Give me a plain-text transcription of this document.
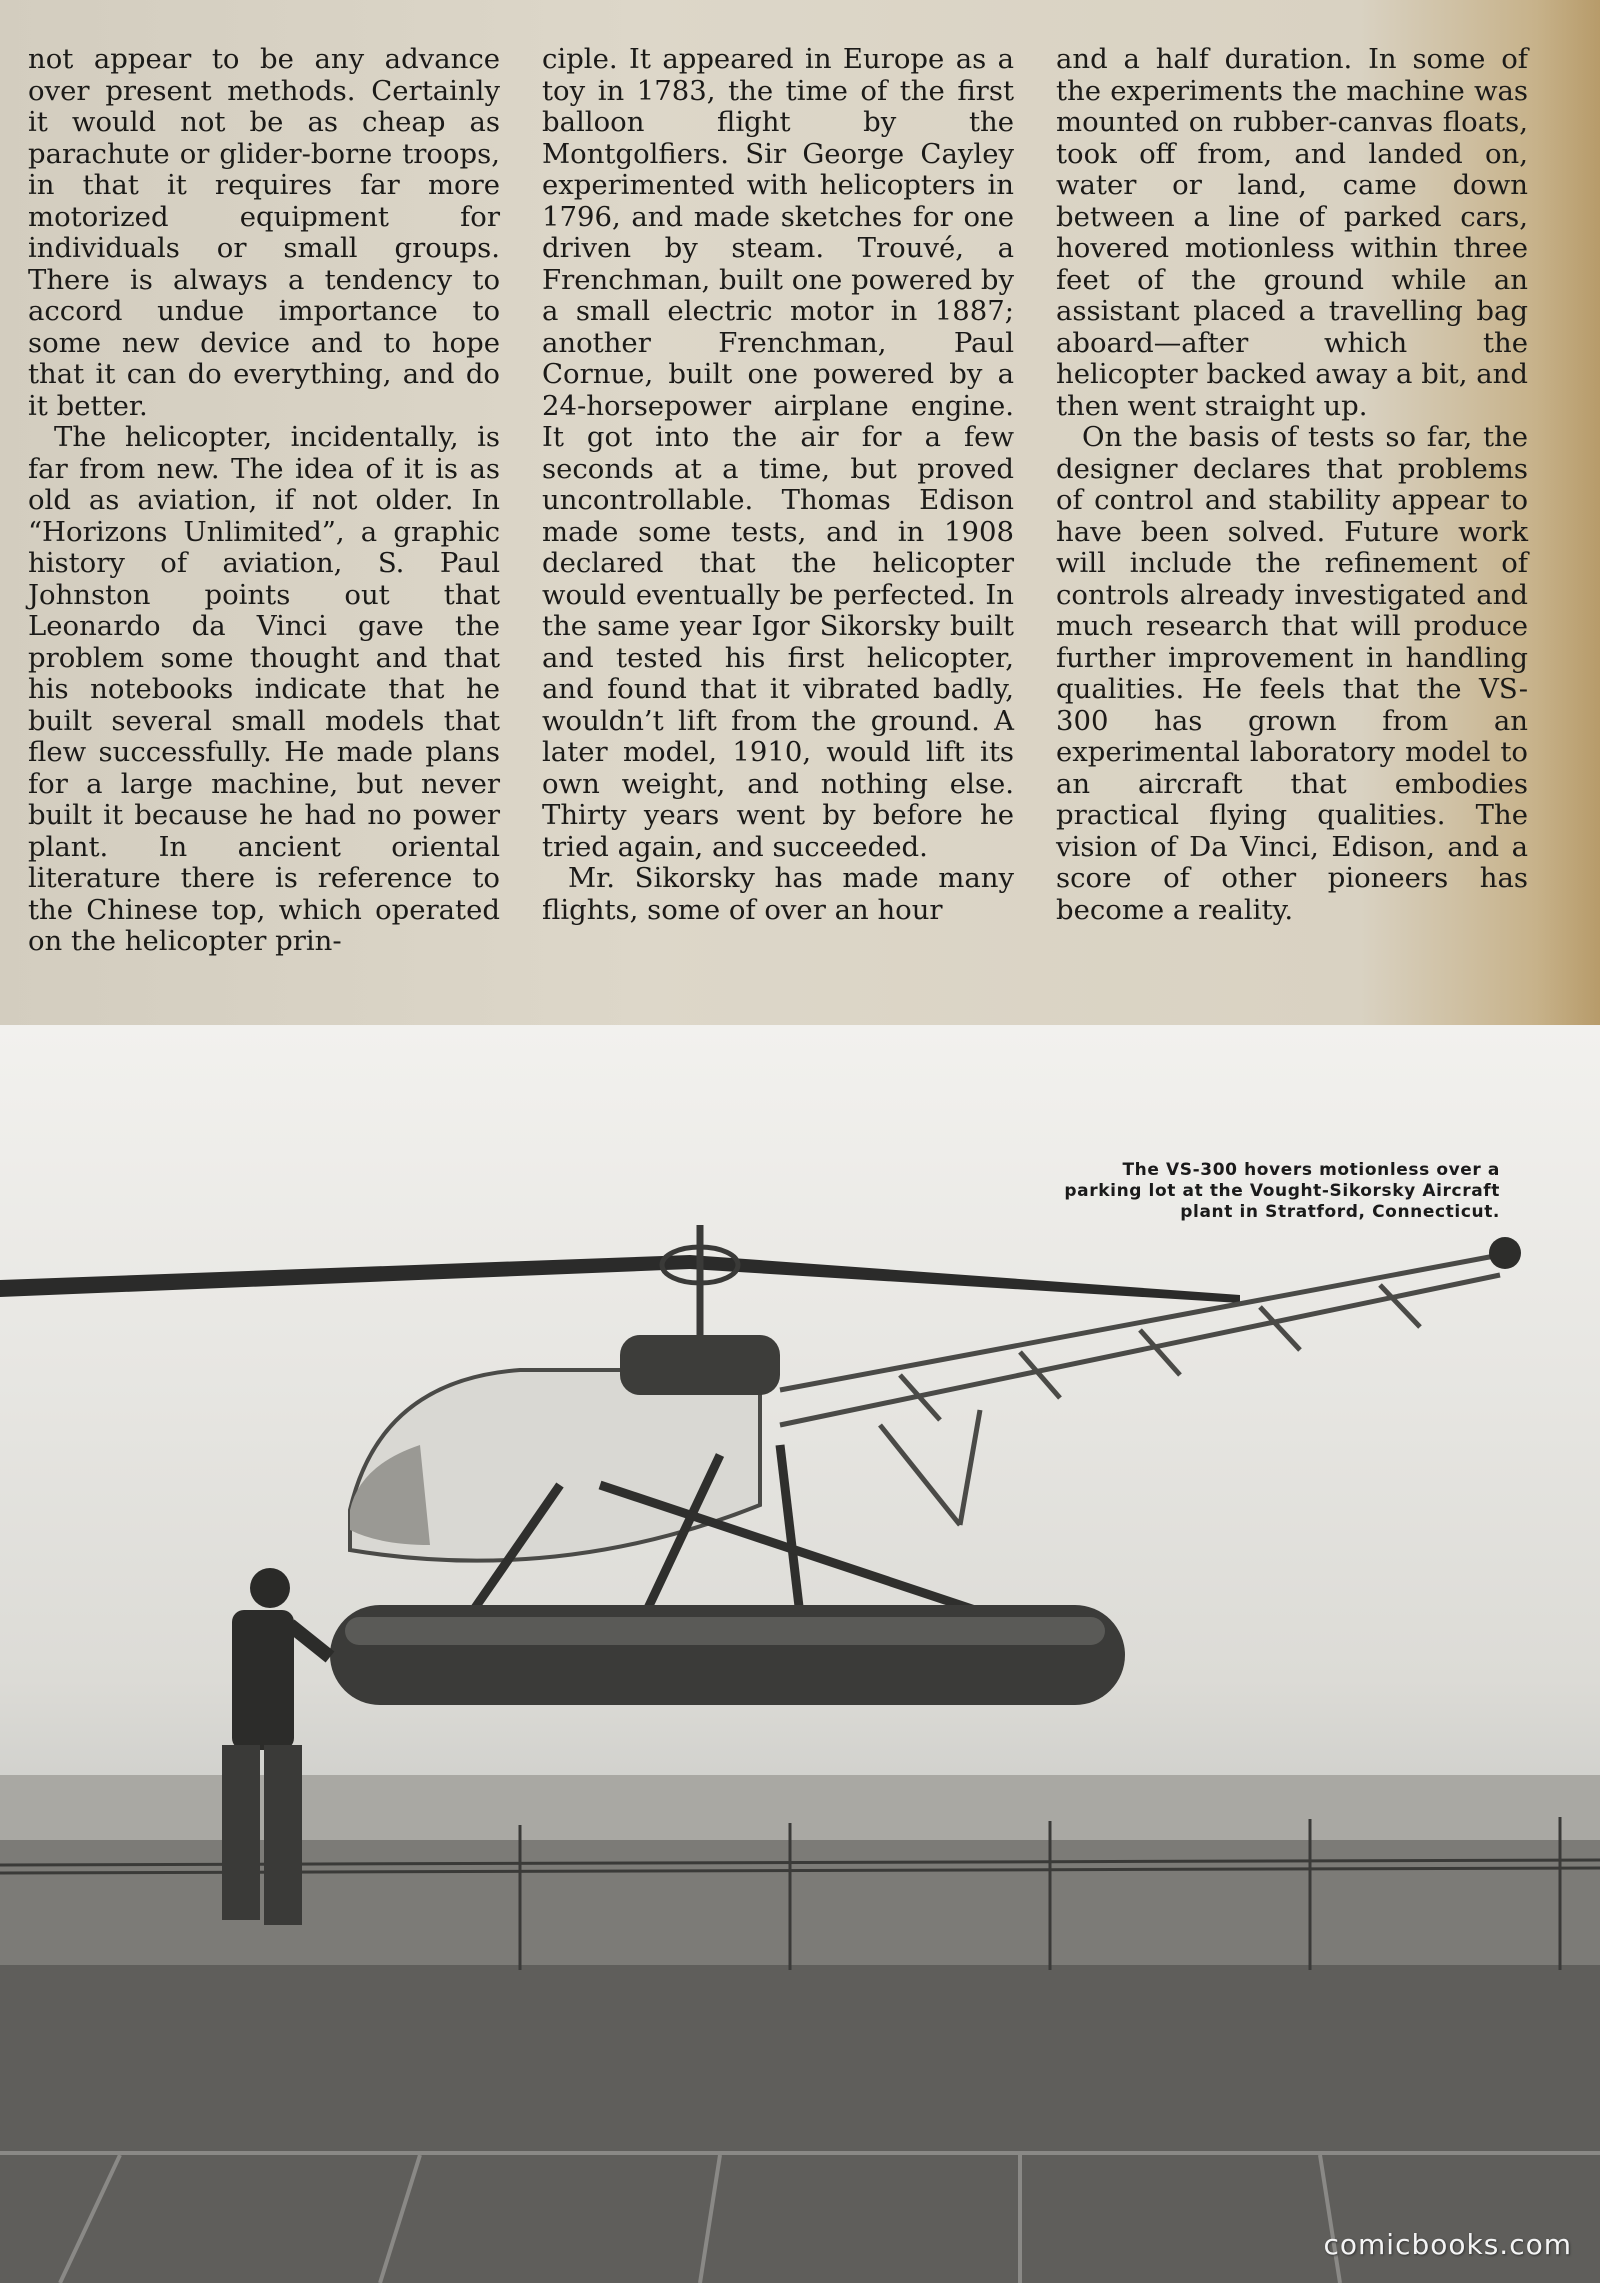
not appear to be any advance over present methods. Certainly it would not be as cheap as parachute or glider-borne troops, in that it requires far more motorized equipment for individuals or small groups. There is always a tendency to accord undue importance to some new device and to hope that it can do everything, and do it better.

The helicopter, incidentally, is far from new. The idea of it is as old as aviation, if not older. In “Horizons Unlimited”, a graphic history of aviation, S. Paul Johnston points out that Leonardo da Vinci gave the problem some thought and that his notebooks indicate that he built several small models that flew successfully. He made plans for a large machine, but never built it because he had no power plant. In ancient oriental literature there is reference to the Chinese top, which operated on the helicopter prin-

ciple. It appeared in Europe as a toy in 1783, the time of the first balloon flight by the Montgolfiers. Sir George Cayley experimented with helicopters in 1796, and made sketches for one driven by steam. Trouvé, a Frenchman, built one powered by a small electric motor in 1887; another Frenchman, Paul Cornue, built one powered by a 24-horsepower airplane engine. It got into the air for a few seconds at a time, but proved uncontrollable. Thomas Edison made some tests, and in 1908 declared that the helicopter would eventually be perfected. In the same year Igor Sikorsky built and tested his first helicopter, and found that it vibrated badly, wouldn’t lift from the ground. A later model, 1910, would lift its own weight, and nothing else. Thirty years went by before he tried again, and succeeded.

Mr. Sikorsky has made many flights, some of over an hour

and a half duration. In some of the experiments the machine was mounted on rubber-canvas floats, took off from, and landed on, water or land, came down between a line of parked cars, hovered motionless within three feet of the ground while an assistant placed a travelling bag aboard—after which the helicopter backed away a bit, and then went straight up.

On the basis of tests so far, the designer declares that problems of control and stability appear to have been solved. Future work will include the refinement of controls already investigated and much research that will produce further improvement in handling qualities. He feels that the VS-300 has grown from an experimental laboratory model to an aircraft that embodies practical flying qualities. The vision of Da Vinci, Edison, and a score of other pioneers has become a reality.

The VS-300 hovers motionless over a parking lot at the Vought-Sikorsky Aircraft plant in Stratford, Connecticut.
comicbooks.com
